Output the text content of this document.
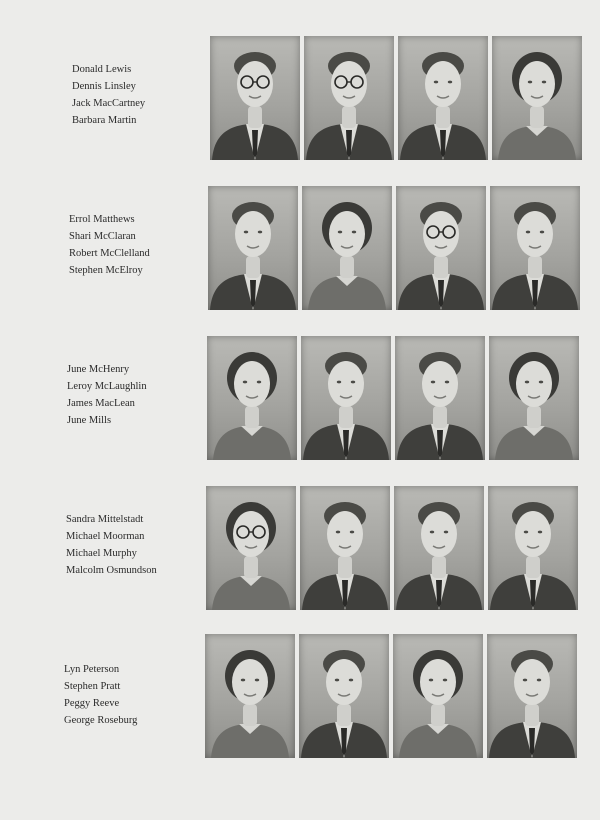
Donald Lewis
Dennis Linsley
Jack MacCartney
Barbara Martin
Errol Matthews
Shari McClaran
Robert McClelland
Stephen McElroy
June McHenry
Leroy McLaughlin
James MacLean
June Mills
Sandra Mittelstadt
Michael Moorman
Michael Murphy
Malcolm Osmundson
Lyn Peterson
Stephen Pratt
Peggy Reeve
George Roseburg
